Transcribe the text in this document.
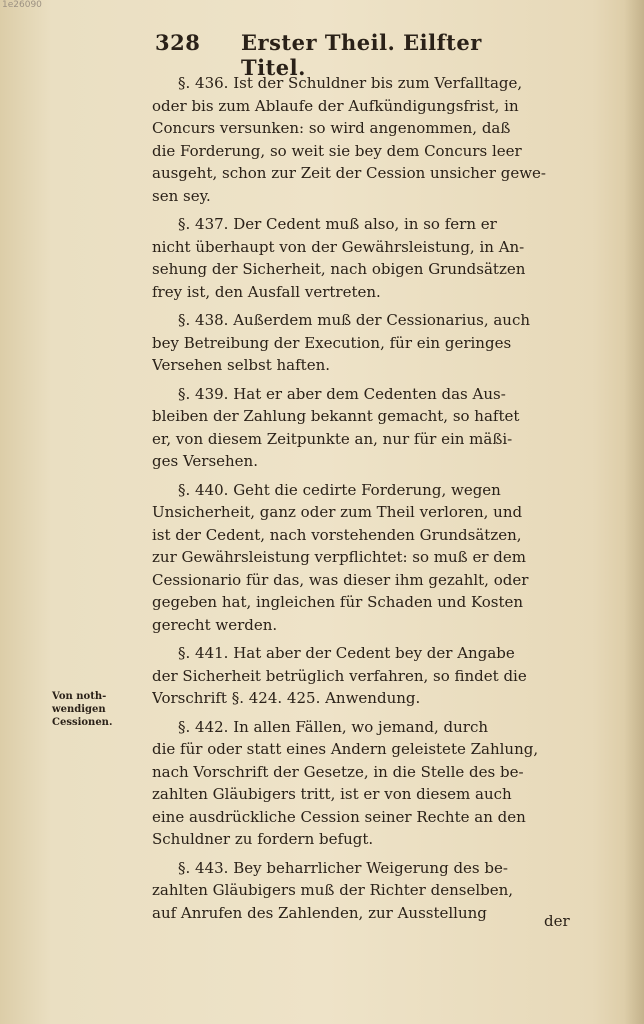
1e26090
328 Erster Theil. Eilfter Titel.
Von noth-
wendigen
Cessionen.

§. 436. Ist der Schuldner bis zum Verfalltage,
oder bis zum Ablaufe der Aufkündigungsfrist, in
Concurs versunken: so wird angenommen, daß
die Forderung, so weit sie bey dem Concurs leer
ausgeht, schon zur Zeit der Cession unsicher gewe-
sen sey.

§. 437. Der Cedent muß also, in so fern er
nicht überhaupt von der Gewährsleistung, in An-
sehung der Sicherheit, nach obigen Grundsätzen
frey ist, den Ausfall vertreten.

§. 438. Außerdem muß der Cessionarius, auch
bey Betreibung der Execution, für ein geringes
Versehen selbst haften.

§. 439. Hat er aber dem Cedenten das Aus-
bleiben der Zahlung bekannt gemacht, so haftet
er, von diesem Zeitpunkte an, nur für ein mäßi-
ges Versehen.

§. 440. Geht die cedirte Forderung, wegen
Unsicherheit, ganz oder zum Theil verloren, und
ist der Cedent, nach vorstehenden Grundsätzen,
zur Gewährsleistung verpflichtet: so muß er dem
Cessionario für das, was dieser ihm gezahlt, oder
gegeben hat, ingleichen für Schaden und Kosten
gerecht werden.

§. 441. Hat aber der Cedent bey der Angabe
der Sicherheit betrüglich verfahren, so findet die
Vorschrift §. 424. 425. Anwendung.

§. 442. In allen Fällen, wo jemand, durch
die für oder statt eines Andern geleistete Zahlung,
nach Vorschrift der Gesetze, in die Stelle des be-
zahlten Gläubigers tritt, ist er von diesem auch
eine ausdrückliche Cession seiner Rechte an den
Schuldner zu fordern befugt.

§. 443. Bey beharrlicher Weigerung des be-
zahlten Gläubigers muß der Richter denselben,
auf Anrufen des Zahlenden, zur Ausstellung	der
